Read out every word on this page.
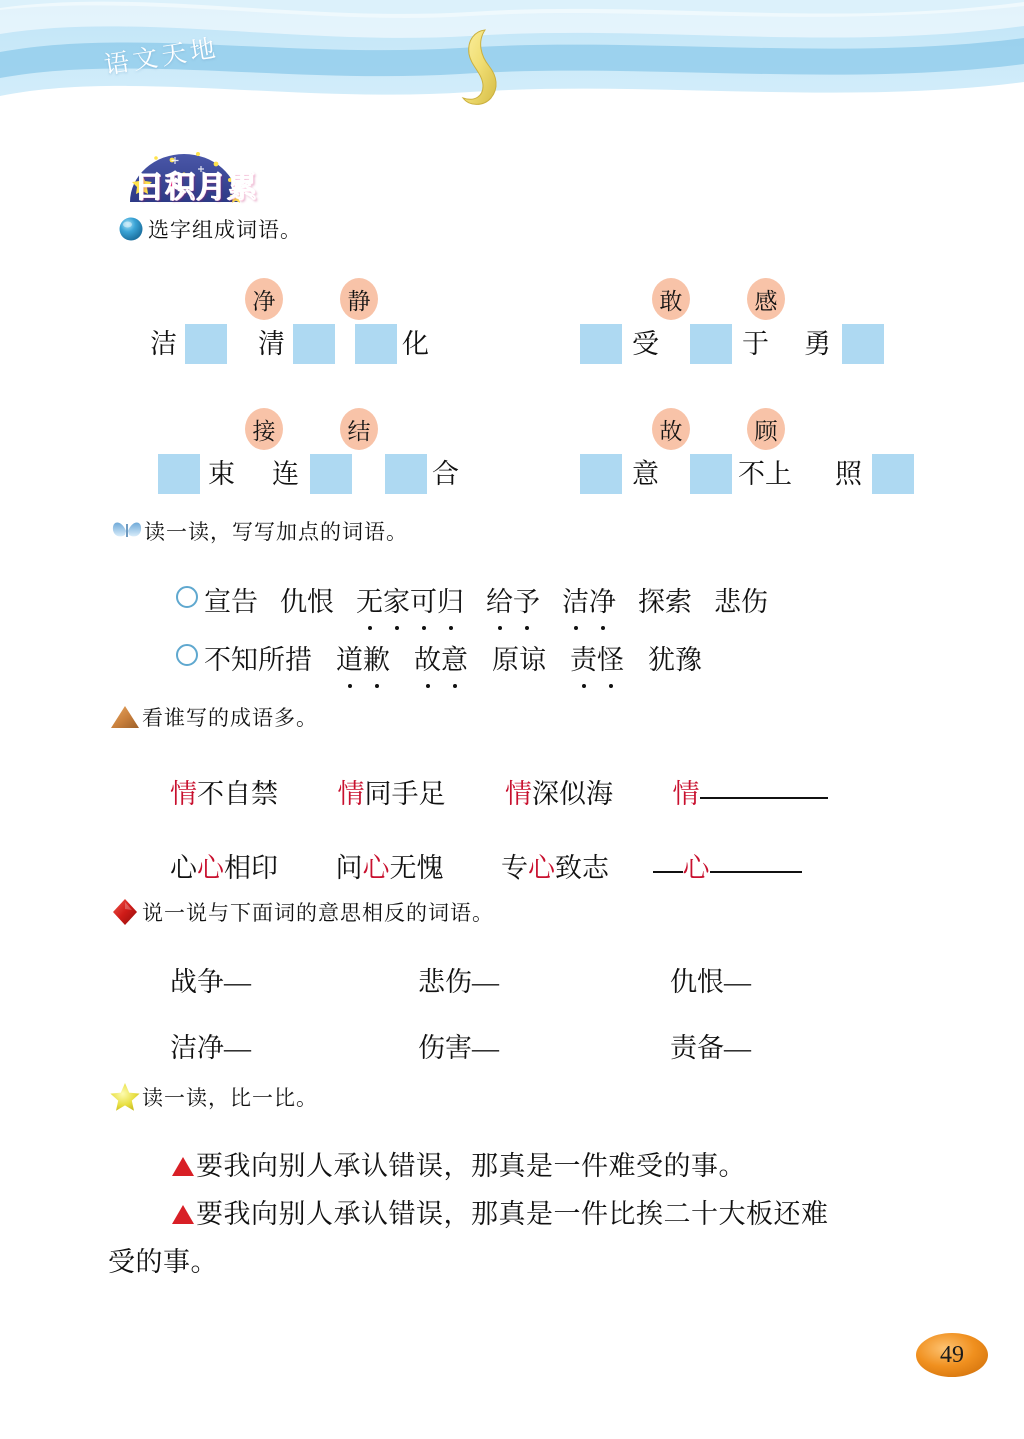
语文天地
日积月累
选字组成词语。
净	静
洁	清	化
敢	感
受	于 勇
接	结
束 连	合
故	顾
意	不上 照
读一读，写写加点的词语。
宣告 仇恨 无家可归 给予 洁净 探索 悲伤
不知所措 道歉 故意 原谅 责怪 犹豫
看谁写的成语多。
情不自禁 情同手足 情深似海 情
心心相印 问心无愧 专心致志	心
说一说与下面词的意思相反的词语。
战争—	悲伤—	仇恨—
洁净—	伤害—	责备—
读一读，比一比。
要我向别人承认错误，那真是一件难受的事。
要我向别人承认错误，那真是一件比挨二十大板还难
受的事。
49
